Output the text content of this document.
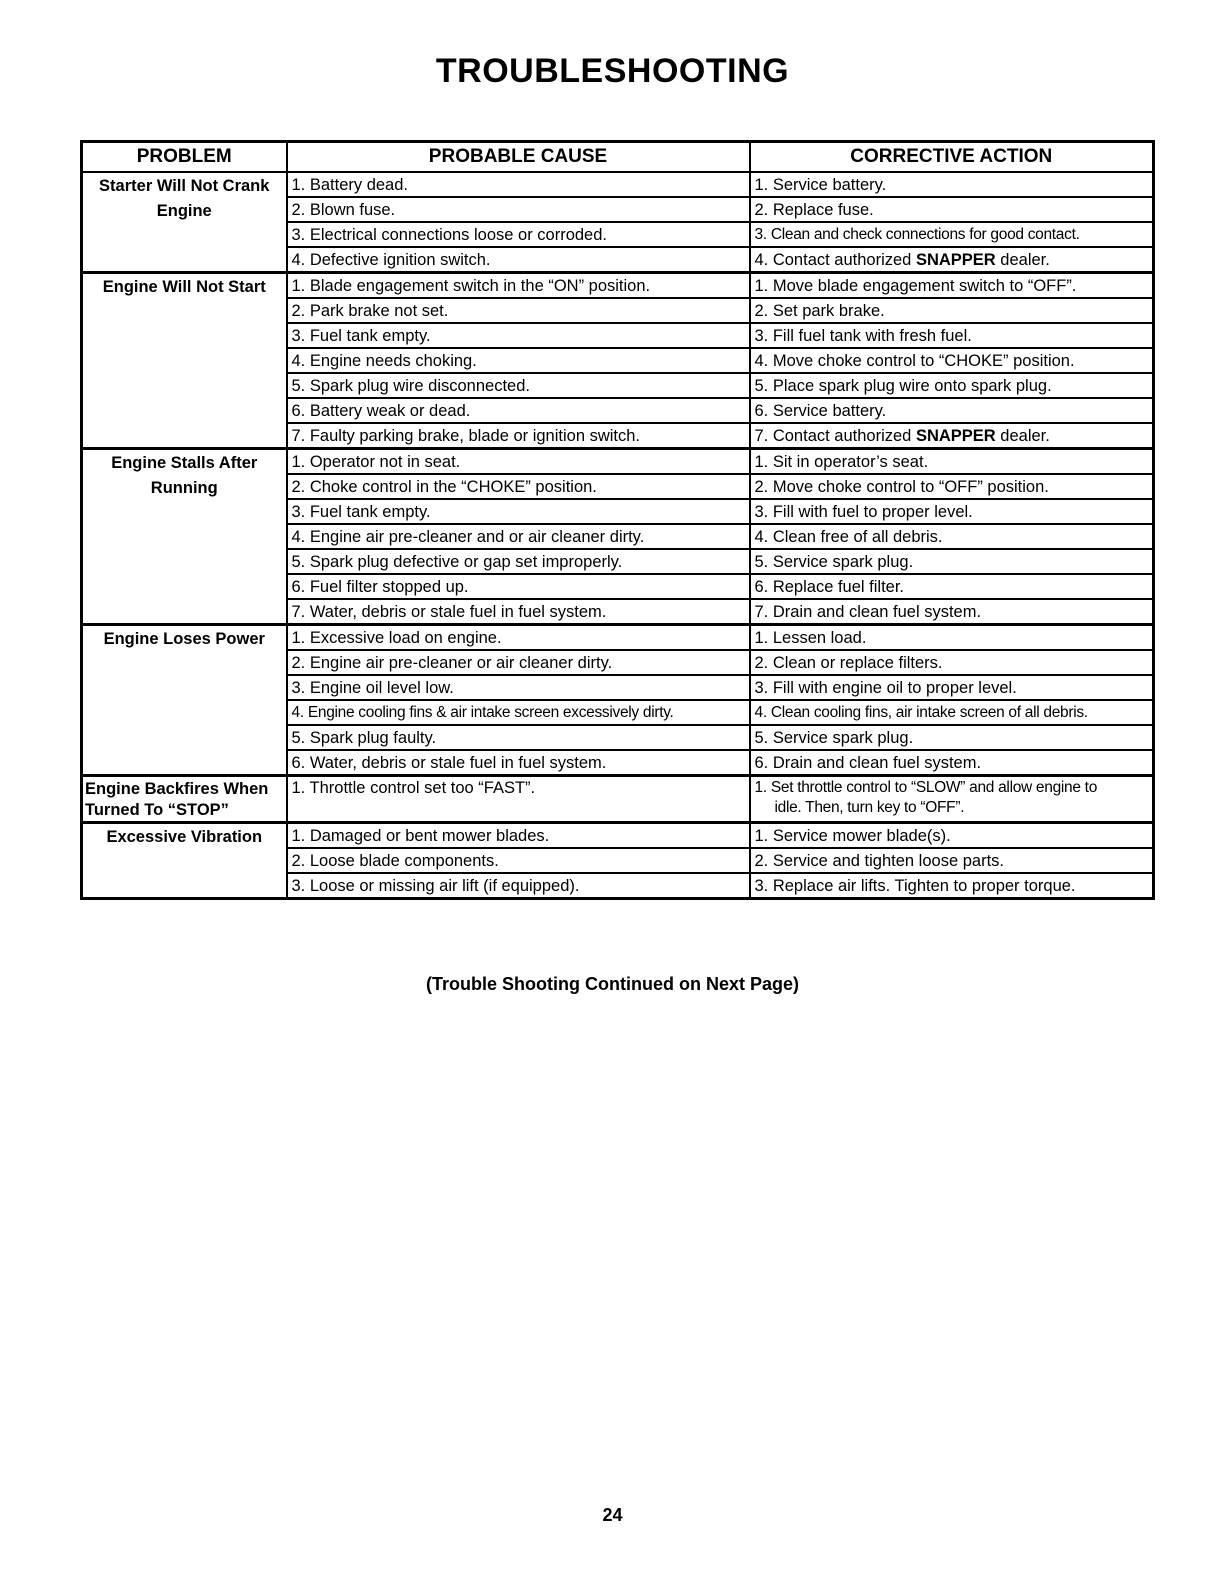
TROUBLESHOOTING
PROBLEM	PROBABLE CAUSE	CORRECTIVE ACTION
Starter Will Not Crank Engine	1. Battery dead.	1. Service battery.
	2. Blown fuse.	2. Replace fuse.
	3. Electrical connections loose or corroded.	3. Clean and check connections for good contact.
	4. Defective ignition switch.	4. Contact authorized SNAPPER dealer.
Engine Will Not Start	1. Blade engagement switch in the “ON” position.	1. Move blade engagement switch to “OFF”.
	2. Park brake not set.	2. Set park brake.
	3. Fuel tank empty.	3. Fill fuel tank with fresh fuel.
	4. Engine needs choking.	4. Move choke control to “CHOKE” position.
	5. Spark plug wire disconnected.	5. Place spark plug wire onto spark plug.
	6. Battery weak or dead.	6. Service battery.
	7. Faulty parking brake, blade or ignition switch.	7. Contact authorized SNAPPER dealer.
Engine Stalls After Running	1. Operator not in seat.	1. Sit in operator’s seat.
	2. Choke control in the “CHOKE” position.	2. Move choke control to “OFF” position.
	3. Fuel tank empty.	3. Fill with fuel to proper level.
	4. Engine air pre-cleaner and or air cleaner dirty.	4. Clean free of all debris.
	5. Spark plug defective or gap set improperly.	5. Service spark plug.
	6. Fuel filter stopped up.	6. Replace fuel filter.
	7. Water, debris or stale fuel in fuel system.	7. Drain and clean fuel system.
Engine Loses Power	1. Excessive load on engine.	1. Lessen load.
	2. Engine air pre-cleaner or air cleaner dirty.	2. Clean or replace filters.
	3. Engine oil level low.	3. Fill with engine oil to proper level.
	4. Engine cooling fins & air intake screen excessively dirty.	4. Clean cooling fins, air intake screen of all debris.
	5. Spark plug faulty.	5. Service spark plug.
	6. Water, debris or stale fuel in fuel system.	6. Drain and clean fuel system.
Engine Backfires When Turned To “STOP”	1. Throttle control set too “FAST”.	1. Set throttle control to “SLOW” and allow engine to
idle. Then, turn key to “OFF”.

Excessive Vibration	1. Damaged or bent mower blades.	1. Service mower blade(s).
	2. Loose blade components.	2. Service and tighten loose parts.
	3. Loose or missing air lift (if equipped).	3. Replace air lifts. Tighten to proper torque.
(Trouble Shooting Continued on Next Page)
24
